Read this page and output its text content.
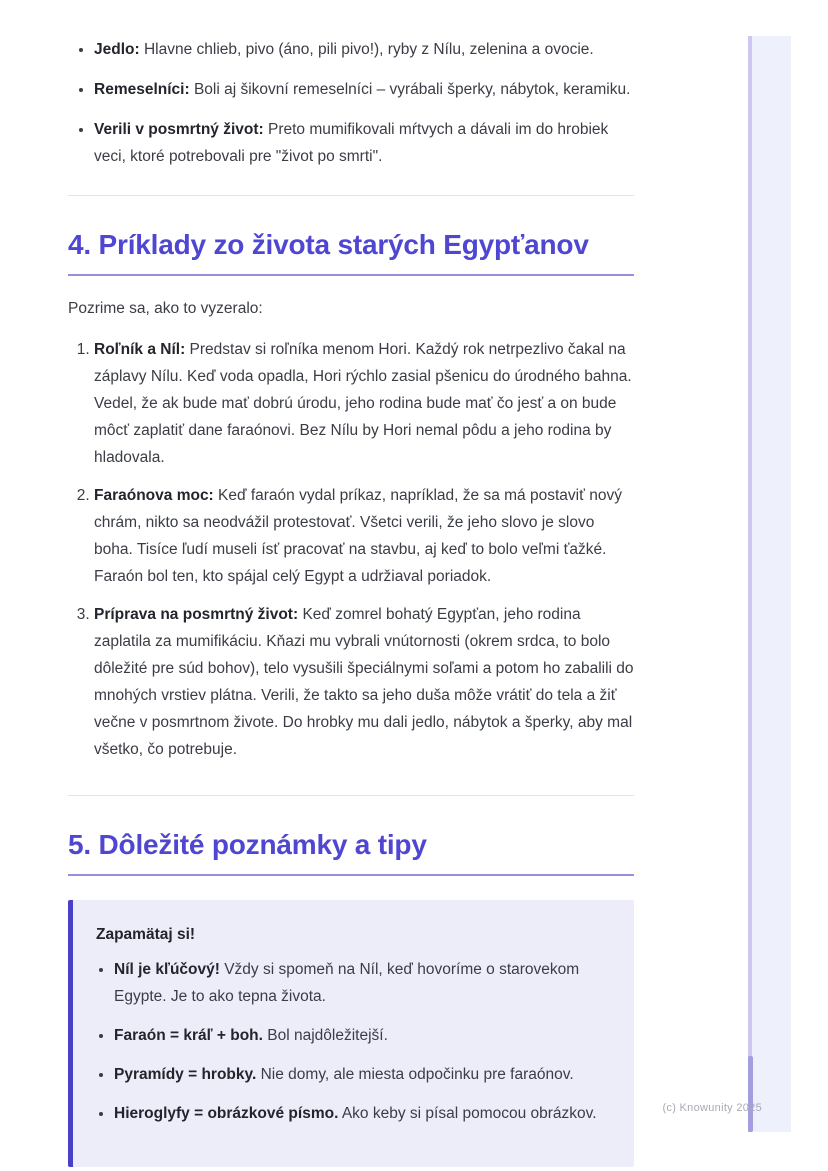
• Jedlo: Hlavne chlieb, pivo (áno, pili pivo!), ryby z Nílu, zelenina a ovocie.
• Remeselníci: Boli aj šikovní remeselníci – vyrábali šperky, nábytok, keramiku.
• Verili v posmrtný život: Preto mumifikovali mŕtvych a dávali im do hrobiek veci, ktoré potrebovali pre "život po smrti".
4. Príklady zo života starých Egypťanov

Pozrime sa, ako to vyzeralo:

1. Roľník a Níl: Predstav si roľníka menom Hori. Každý rok netrpezlivo čakal na záplavy Nílu. Keď voda opadla, Hori rýchlo zasial pšenicu do úrodného bahna. Vedel, že ak bude mať dobrú úrodu, jeho rodina bude mať čo jesť a on bude môcť zaplatiť dane faraónovi. Bez Nílu by Hori nemal pôdu a jeho rodina by hladovala.
2. Faraónova moc: Keď faraón vydal príkaz, napríklad, že sa má postaviť nový chrám, nikto sa neodvážil protestovať. Všetci verili, že jeho slovo je slovo boha. Tisíce ľudí museli ísť pracovať na stavbu, aj keď to bolo veľmi ťažké. Faraón bol ten, kto spájal celý Egypt a udržiaval poriadok.
3. Príprava na posmrtný život: Keď zomrel bohatý Egypťan, jeho rodina zaplatila za mumifikáciu. Kňazi mu vybrali vnútornosti (okrem srdca, to bolo dôležité pre súd bohov), telo vysušili špeciálnymi soľami a potom ho zabalili do mnohých vrstiev plátna. Verili, že takto sa jeho duša môže vrátiť do tela a žiť večne v posmrtnom živote. Do hrobky mu dali jedlo, nábytok a šperky, aby mal všetko, čo potrebuje.
5. Dôležité poznámky a tipy

Zapamätaj si!

• Níl je kľúčový! Vždy si spomeň na Níl, keď hovoríme o starovekom Egypte. Je to ako tepna života.
• Faraón = kráľ + boh. Bol najdôležitejší.
• Pyramídy = hrobky. Nie domy, ale miesta odpočinku pre faraónov.
• Hieroglyfy = obrázkové písmo. Ako keby si písal pomocou obrázkov.	(c) Knowunity 2025
